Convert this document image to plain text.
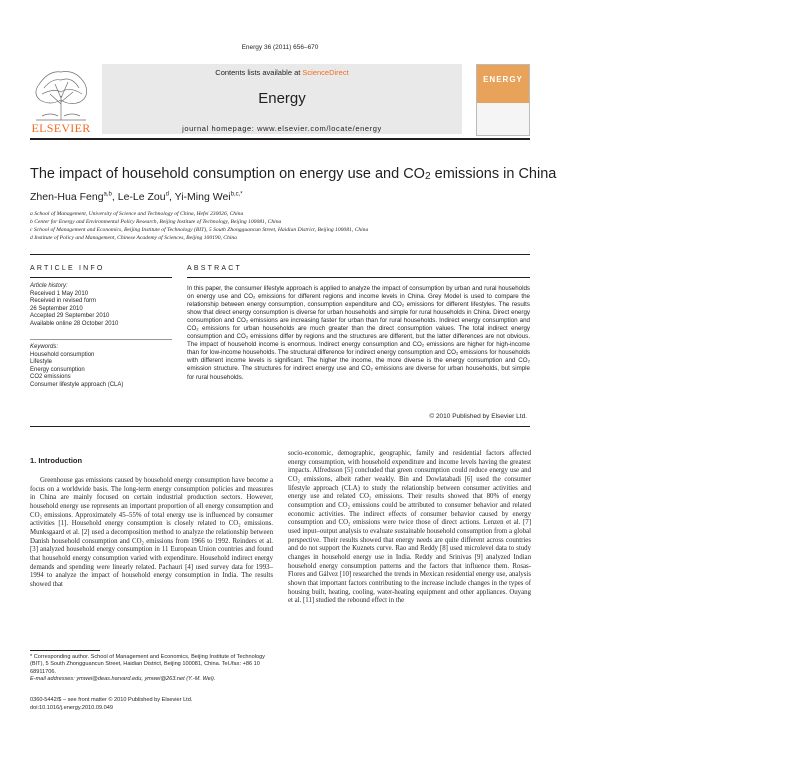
Energy 36 (2011) 656–670
Contents lists available at ScienceDirect
Energy
journal homepage: www.elsevier.com/locate/energy
ELSEVIER
ENERGY
The impact of household consumption on energy use and $CO_2$ emissions in China
Zhen-Hua Feng$^{a,b}$, Le-Le Zou$^d$, Yi-Ming Wei$^{b,c,*}$
a School of Management, University of Science and Technology of China, Hefei 230026, China
b Center for Energy and Environmental Policy Research, Beijing Institute of Technology, Beijing 100081, China
c School of Management and Economics, Beijing Institute of Technology (BIT), 5 South Zhongguancun Street, Haidian District, Beijing 100081, China
d Institute of Policy and Management, Chinese Academy of Sciences, Beijing 100190, China
ARTICLE INFO
Article history:
Received 1 May 2010
Received in revised form
26 September 2010
Accepted 29 September 2010
Available online 28 October 2010
Keywords:
Household consumption
Lifestyle
Energy consumption
CO2 emissions
Consumer lifestyle approach (CLA)
ABSTRACT
In this paper, the consumer lifestyle approach is applied to analyze the impact of consumption by urban and rural households on energy use and CO₂ emissions for different regions and income levels in China. Grey Model is used to compare the relationship between energy consumption, consumption expenditure and CO₂ emissions for different lifestyles. The results show that direct energy consumption is diverse for urban households and simple for rural households in China. Direct energy consumption and CO₂ emissions are increasing faster for urban than for rural households. Indirect energy consumption and CO₂ emissions for urban households are much greater than the direct consumption values. The total indirect energy consumption and CO₂ emissions differ by regions and the structures are different, but the latter differences are not obvious. The impact of household income is enormous. Indirect energy consumption and CO₂ emissions are higher for high-income than for low-income households. The structural difference for indirect energy consumption and CO₂ emissions for households with different income levels is significant. The higher the income, the more diverse is the energy consumption and CO₂ emission structure. The structures for indirect energy use and CO₂ emissions are diverse for urban households, but simple for rural households.
© 2010 Published by Elsevier Ltd.
1. Introduction

Greenhouse gas emissions caused by household energy consumption have become a focus on a worldwide basis. The long-term energy consumption policies and measures in China are mainly focused on certain industrial production sectors. However, household energy use represents an important proportion of all energy consumption and CO₂ emissions. Approximately 45–55% of total energy use is influenced by consumer activities [1]. Household energy consumption is closely related to CO₂ emissions. Munksgaard et al. [2] used a decomposition method to analyze the relationship between Danish household consumption and CO₂ emissions from 1966 to 1992. Reinders et al. [3] analyzed household energy consumption in 11 European Union countries and found that household energy consumption varied with expenditure. Household indirect energy demands and spending were linearly related. Pachauri [4] used survey data for 1993–1994 to analyze the impact of household energy consumption in India. The results showed that

socio-economic, demographic, geographic, family and residential factors affected energy consumption, with household expenditure and income levels having the greatest impacts. Alfredsson [5] concluded that green consumption could reduce energy use and CO₂ emissions, albeit rather weakly. Bin and Dowlatabadi [6] used the consumer lifestyle approach (CLA) to study the relationship between consumer activities and energy use and related CO₂ emissions. Their results showed that 80% of energy consumption and CO₂ emissions could be attributed to consumer behavior and related economic activities. The indirect effects of consumer behavior caused by energy consumption and CO₂ emissions were twice those of direct actions. Lenzen et al. [7] used input–output analysis to evaluate sustainable household consumption from a global perspective. Their results showed that energy needs are quite different across countries and do not support the Kuznets curve. Rao and Reddy [8] used microlevel data to study changes in household energy use in India. Reddy and Srinivas [9] analyzed Indian household energy consumption patterns and the factors that influence them. Rosas-Flores and Gálvez [10] researched the trends in Mexican residential energy use, analysis shown that important factors contributing to the increase include changes in the types of housing built, heating, cooling, water-heating equipment and other appliances. Ouyang et al. [11] studied the rebound effect in the

* Corresponding author. School of Management and Economics, Beijing Institute of Technology (BIT), 5 South Zhongguancun Street, Haidian District, Beijing 100081, China. Tel./fax: +86 10 68911706.
E-mail addresses: ymwei@deas.harvard.edu, ymwei@263.net (Y.-M. Wei).
0360-5442/$ – see front matter © 2010 Published by Elsevier Ltd.
doi:10.1016/j.energy.2010.09.049
